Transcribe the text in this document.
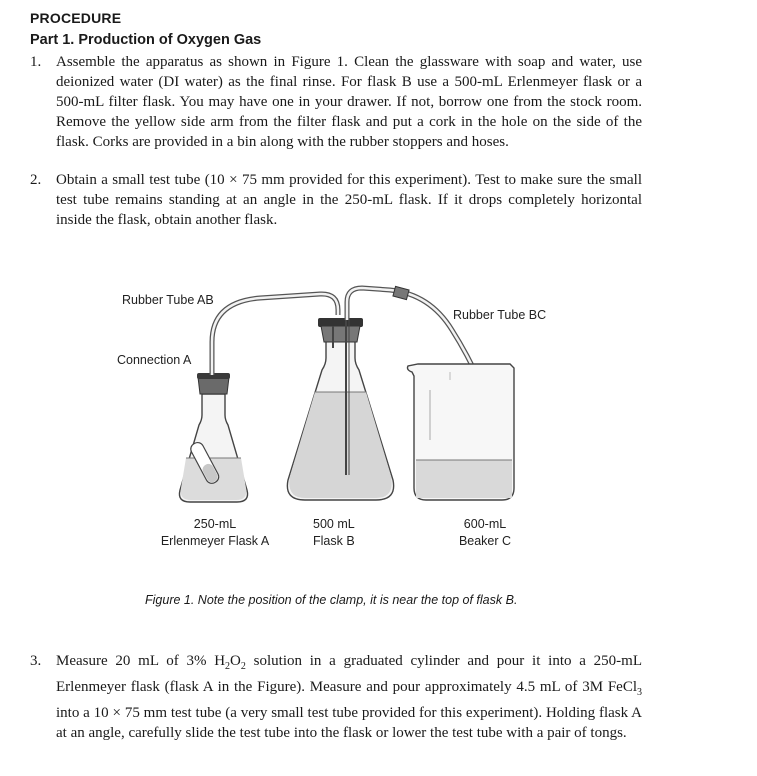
PROCEDURE
Part 1. Production of Oxygen Gas
1. Assemble the apparatus as shown in Figure 1. Clean the glassware with soap and water, use deionized water (DI water) as the final rinse. For flask B use a 500-mL Erlenmeyer flask or a 500-mL filter flask. You may have one in your drawer. If not, borrow one from the stock room. Remove the yellow side arm from the filter flask and put a cork in the hole on the side of the flask. Corks are provided in a bin along with the rubber stoppers and hoses.
2. Obtain a small test tube (10 × 75 mm provided for this experiment). Test to make sure the small test tube remains standing at an angle in the 250-mL flask. If it drops completely horizontal inside the flask, obtain another flask.
Rubber Tube AB
Connection A
Rubber Tube BC
250-mL
Erlenmeyer Flask A
500 mL
Flask B
600-mL
Beaker C
Figure 1. Note the position of the clamp, it is near the top of flask B.
3. Measure 20 mL of 3% $H_2O_2$ solution in a graduated cylinder and pour it into a 250-mL Erlenmeyer flask (flask A in the Figure). Measure and pour approximately 4.5 mL of 3M FeCl$_3$ into a 10 × 75 mm test tube (a very small test tube provided for this experiment). Holding flask A at an angle, carefully slide the test tube into the flask or lower the test tube with a pair of tongs.
